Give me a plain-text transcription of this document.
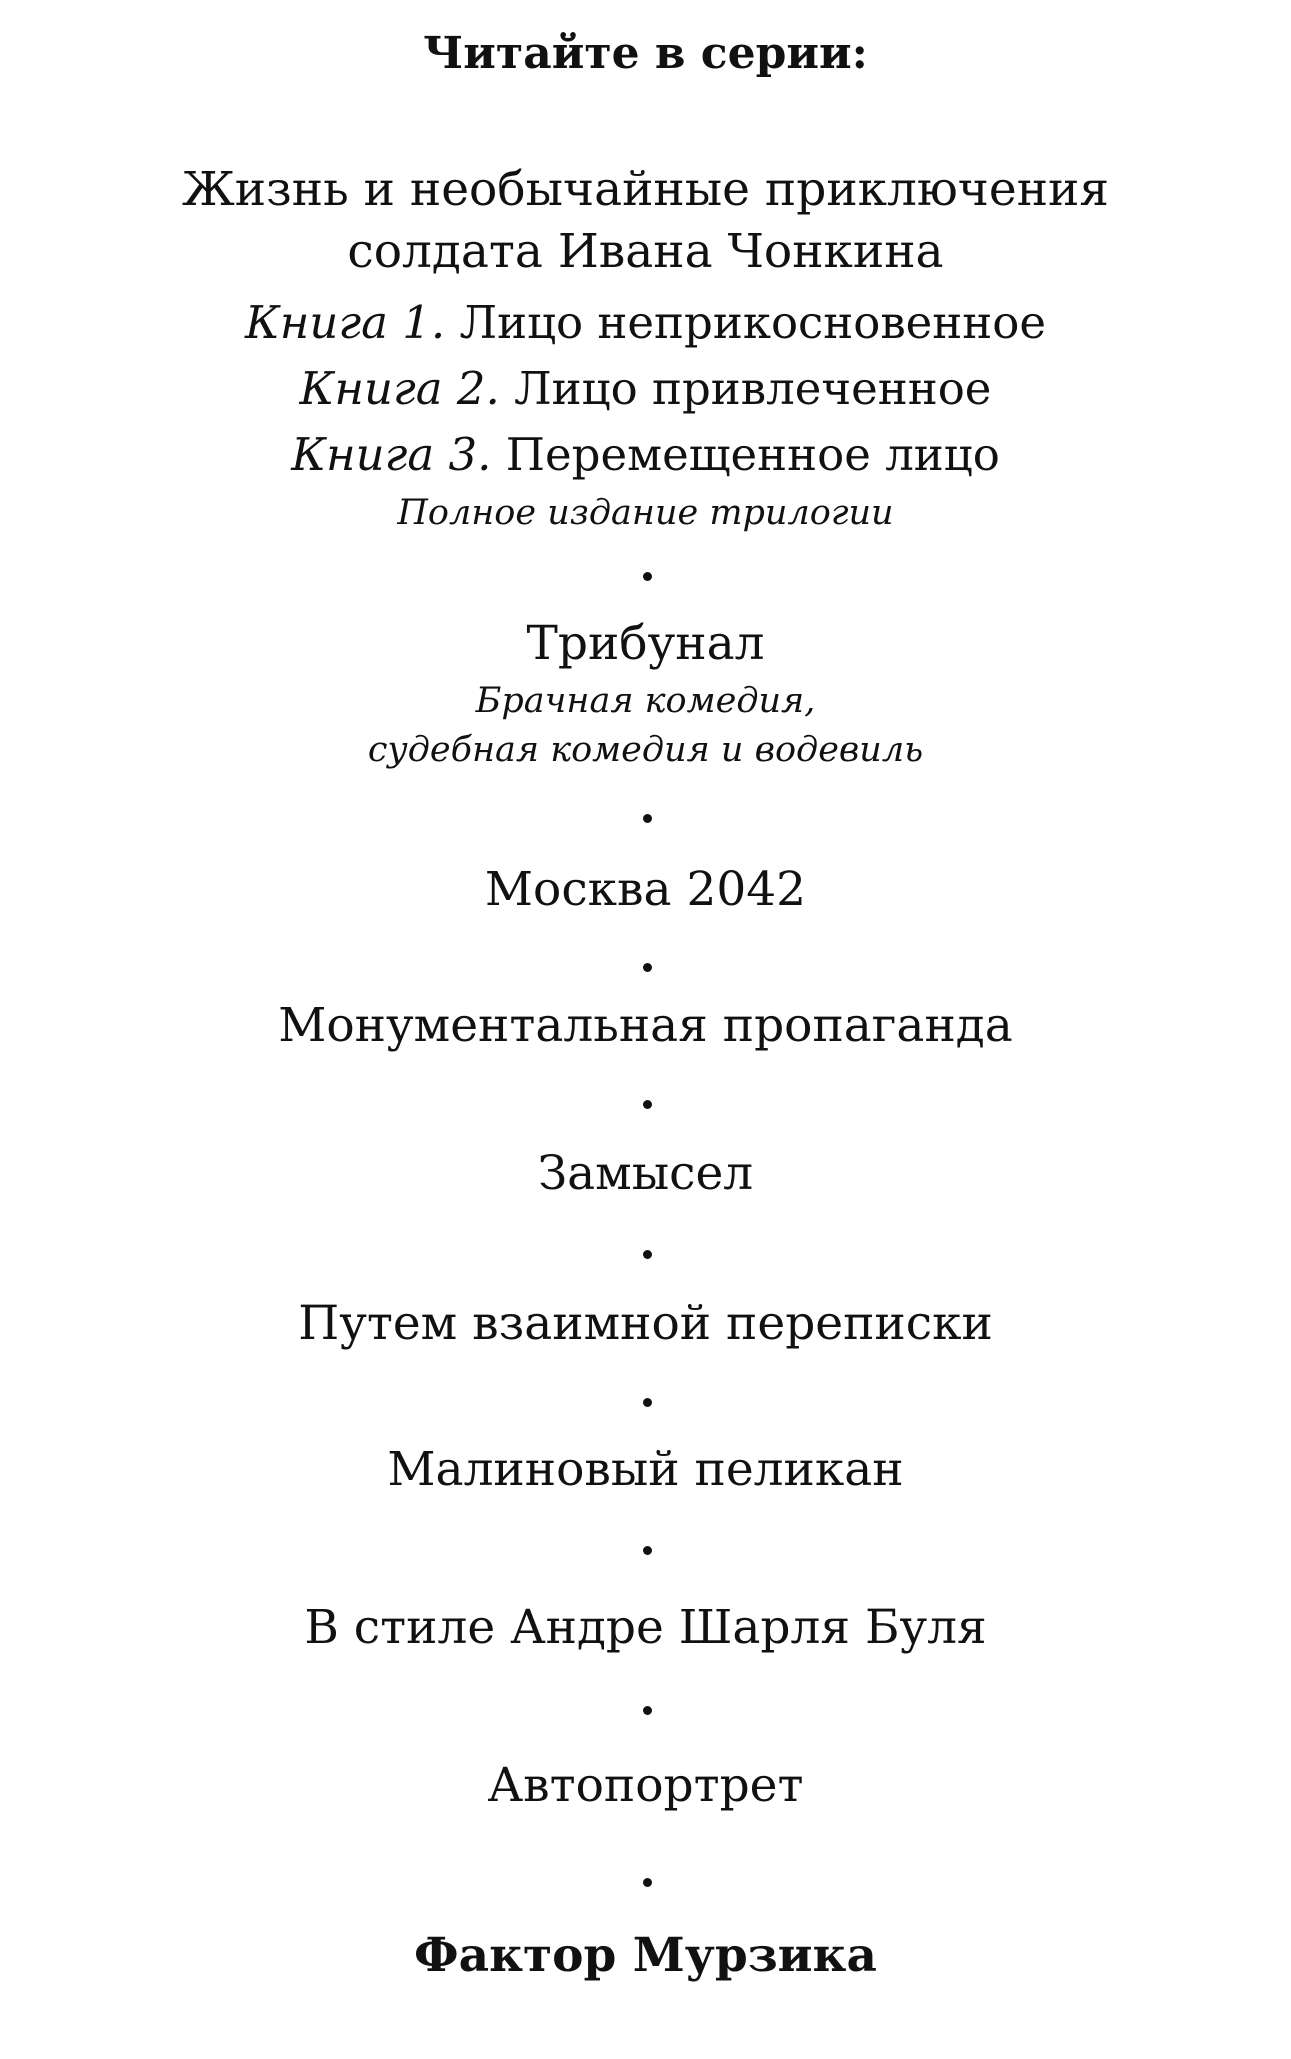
Читайте в серии:
Жизнь и необычайные приключения
солдата Ивана Чонкина
Книга 1. Лицо неприкосновенное
Книга 2. Лицо привлеченное
Книга 3. Перемещенное лицо
Полное издание трилогии
Трибунал
Брачная комедия,
судебная комедия и водевиль
Москва 2042
Монументальная пропаганда
Замысел
Путем взаимной переписки
Малиновый пеликан
В стиле Андре Шарля Буля
Автопортрет
Фактор Мурзика
